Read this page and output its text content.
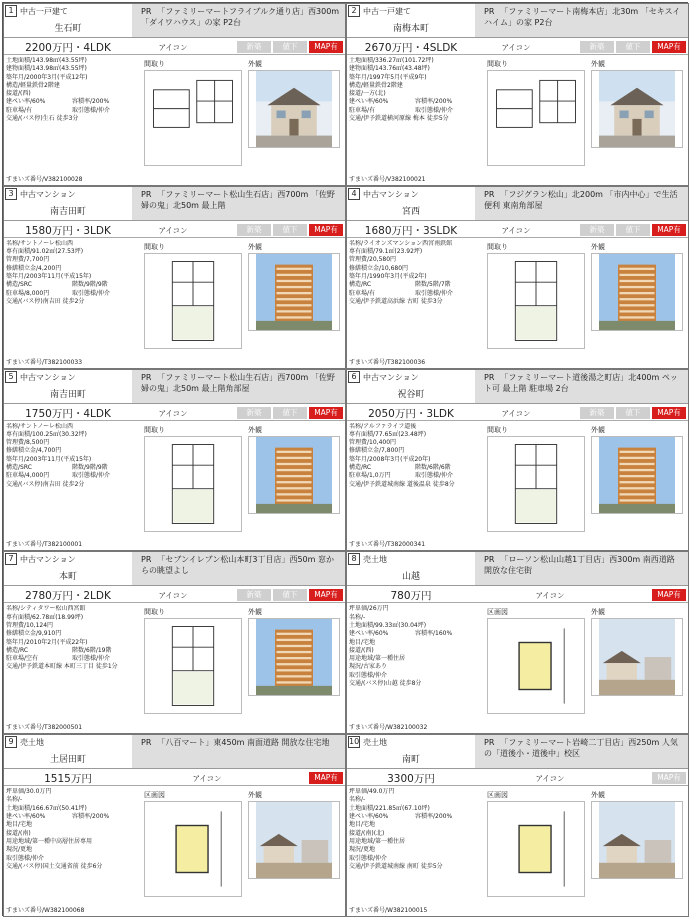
1 中古一戸建て
生石町
PR 「ファミリーマートフライブルク通り店」西300m 「ダイワハウス」の家 P2台
2200万円・4LDK	アイコン	新築	値下	MAP有
土地面積/143.98㎡(43.55坪)
建物面積/143.98㎡(43.55坪)
築年月/2000年3月(平成12年)
構造/軽量鉄骨2階建
接道/(西)
建ぺい率/60%	容積率/200%
駐車場/有	取引態様/仲介
交通/(バス停)生石 徒歩3分
間取り	外観
すまいズ番号/V382100028
2 中古一戸建て
南梅本町
PR 「ファミリーマート南梅本店」北30m 「セキスイハイム」の家 P2台
2670万円・4SLDK	アイコン	新築	値下	MAP有
土地面積/336.27㎡(101.72坪)
建物面積/143.76㎡(43.48坪)
築年月/1997年5月(平成9年)
構造/軽量鉄骨2階建
接道/一方(北)
建ぺい率/60%	容積率/200%
駐車場/有	取引態様/仲介
交通/伊予鉄道横河原線 梅本 徒歩5分
間取り	外観
すまいズ番号/V382100021
3 中古マンション
南吉田町
PR 「ファミリーマート松山生石店」西700m 「佐野婦の鬼」北50m 最上階
1580万円・3LDK	アイコン	新築	値下	MAP有
名称/サントノーレ松山西
専有面積/91.02㎡(27.53坪)
管理費/7,700円
修繕積立金/4,200円
築年月/2003年11月(平成15年)
構造/SRC	階数/9階/9階
駐車場/8,000円	取引態様/仲介
交通/(バス停)南吉田 徒歩2分
間取り	外観
すまいズ番号/T382100033
4 中古マンション
宮西
PR 「フジグラン松山」北200m 「市内中心」で生活便利 東南角部屋
1680万円・3SLDK	アイコン	新築	値下	MAP有
名称/ライオンズマンション西宮南鉄館
専有面積/79.1㎡(23.92坪)
管理費/20,580円
修繕積立金/10,680円
築年月/1990年3月(平成2年)
構造/RC	階数/5階/7階
駐車場/有	取引態様/仲介
交通/伊予鉄道高浜線 古町 徒歩3分
間取り	外観
すまいズ番号/T382100036
5 中古マンション
南吉田町
PR 「ファミリーマート松山生石店」西700m 「佐野婦の鬼」北50m 最上階角部屋
1750万円・4LDK	アイコン	新築	値下	MAP有
名称/サントノーレ松山西
専有面積/100.25㎡(30.32坪)
管理費/8,500円
修繕積立金/4,700円
築年月/2003年11月(平成15年)
構造/SRC	階数/9階/9階
駐車場/4,000円	取引態様/仲介
交通/(バス停)南吉田 徒歩2分
間取り	外観
すまいズ番号/T382100001
6 中古マンション
祝谷町
PR 「ファミリーマート道後湯之町店」北400m ペット可 最上階 駐車場 2台
2050万円・3LDK	アイコン	新築	値下	MAP有
名称/アルファライフ道後
専有面積/77.65㎡(23.48坪)
管理費/10,400円
修繕積立金/7,800円
築年月/2008年3月(平成20年)
構造/RC	階数/6階/6階
駐車場/1,0万円	取引態様/仲介
交通/伊予鉄道城南線 道後温泉 徒歩8分
間取り	外観
すまいズ番号/T382000341
7 中古マンション
本町
PR 「セブンイレブン松山本町3丁目店」西50m 窓からの眺望よし
2780万円・2LDK	アイコン	新築	値下	MAP有
名称/シティタワー松山西宮館
専有面積/62.78㎡(18.99坪)
管理費/10,124円
修繕積立金/9,910円
築年月/2010年2月(平成22年)
構造/RC	階数/6階/19階
駐車場/空有	取引態様/仲介
交通/伊予鉄道本町線 本町三丁目 徒歩1分
間取り	外観
すまいズ番号/T382000501
8 売土地
山越
PR 「ローソン松山山越1丁目店」西300m 南西道路 開放な住宅街
780万円	アイコン	MAP有
坪単価/26万円
名称/-
土地面積/99.33㎡(30.04坪)
建ぺい率/60%	容積率/160%
地目/宅地
接道/(西)
用途地域/第一種住居
現況/古家あり
取引態様/仲介
交通/(バス停)山越 徒歩8分
区画図	外観
すまいズ番号/W382100032
9 売土地
土居田町
PR 「八百マート」東450m 南面道路 開放な住宅地
1515万円	アイコン	MAP有
坪単価/30.0万円
名称/-
土地面積/166.67㎡(50.41坪)
建ぺい率/60%	容積率/200%
地目/宅地
接道/(南)
用途地域/第一種中高層住居専用
現況/更地
取引態様/仲介
交通/(バス停)国土交通省前 徒歩6分
区画図	外観
すまいズ番号/W382100068
10 売土地
南町
PR 「ファミリーマート岩崎二丁目店」西250m 人気の「道後小・道後中」校区
3300万円	アイコン	MAP有
坪単価/49.0万円
名称/-
土地面積/221.85㎡(67.10坪)
建ぺい率/60%	容積率/200%
地目/宅地
接道/(南)(北)
用途地域/第一種住居
現況/更地
取引態様/仲介
交通/伊予鉄道城南線 南町 徒歩5分
区画図	外観
すまいズ番号/W382100015
